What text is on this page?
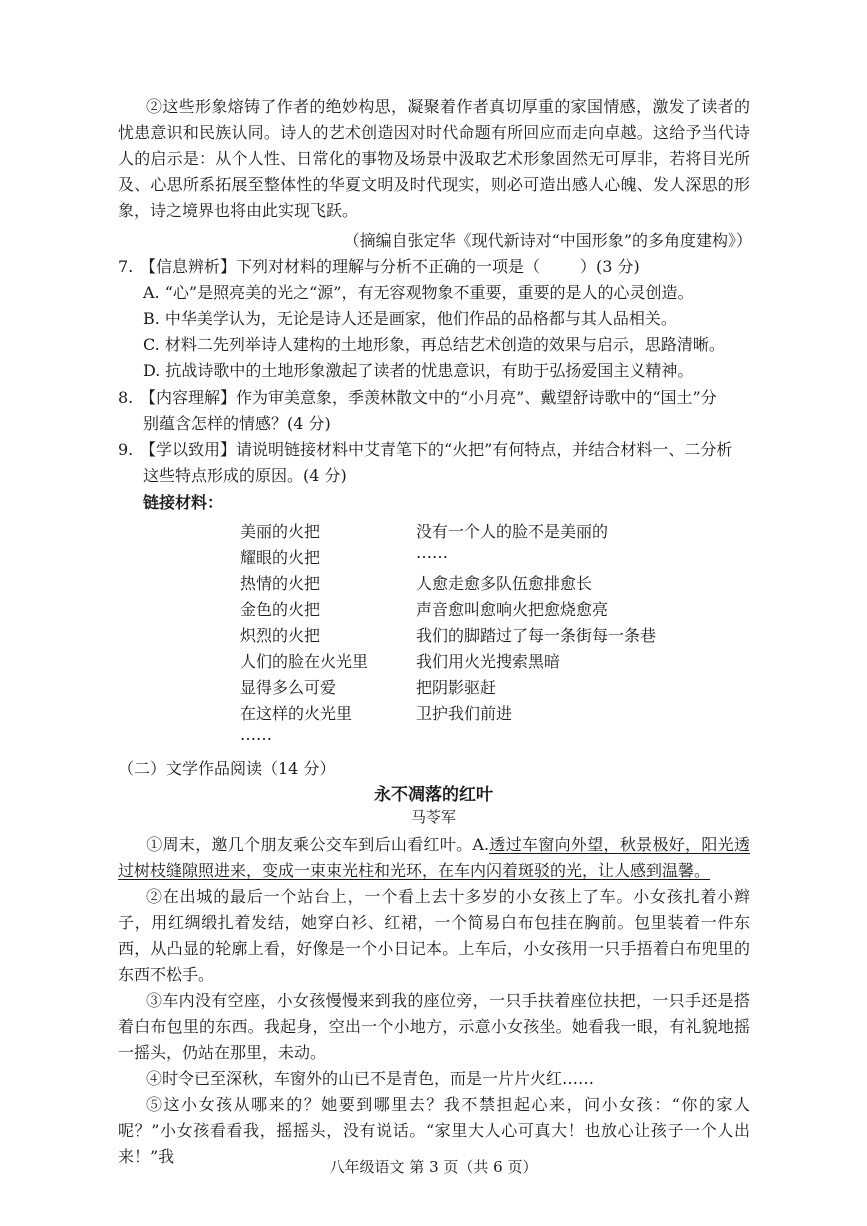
②这些形象熔铸了作者的绝妙构思，凝聚着作者真切厚重的家国情感，激发了读者的忧患意识和民族认同。诗人的艺术创造因对时代命题有所回应而走向卓越。这给予当代诗人的启示是：从个人性、日常化的事物及场景中汲取艺术形象固然无可厚非，若将目光所及、心思所系拓展至整体性的华夏文明及时代现实，则必可造出感人心魄、发人深思的形象，诗之境界也将由此实现飞跃。

（摘编自张定华《现代新诗对“中国形象”的多角度建构》）
7. 【信息辨析】下列对材料的理解与分析不正确的一项是（	）(3 分)
A. “心”是照亮美的光之“源”，有无容观物象不重要，重要的是人的心灵创造。
B. 中华美学认为，无论是诗人还是画家，他们作品的品格都与其人品相关。
C. 材料二先列举诗人建构的土地形象，再总结艺术创造的效果与启示，思路清晰。
D. 抗战诗歌中的土地形象激起了读者的忧患意识，有助于弘扬爱国主义精神。
8. 【内容理解】作为审美意象，季羡林散文中的“小月亮”、戴望舒诗歌中的“国土”分
别蕴含怎样的情感？(4 分)
9. 【学以致用】请说明链接材料中艾青笔下的“火把”有何特点，并结合材料一、二分析
这些特点形成的原因。(4 分)
链接材料：
美丽的火把
耀眼的火把
热情的火把
金色的火把
炽烈的火把
人们的脸在火光里
显得多么可爱
在这样的火光里
……
没有一个人的脸不是美丽的
……
人愈走愈多队伍愈排愈长
声音愈叫愈响火把愈烧愈亮
我们的脚踏过了每一条街每一条巷
我们用火光搜索黑暗
把阴影驱赶
卫护我们前进
（二）文学作品阅读（14 分）
永不凋落的红叶
马苓军
①周末，邀几个朋友乘公交车到后山看红叶。A.透过车窗向外望，秋景极好，阳光透过树枝缝隙照进来，变成一束束光柱和光环，在车内闪着斑驳的光，让人感到温馨。

②在出城的最后一个站台上，一个看上去十多岁的小女孩上了车。小女孩扎着小辫子，用红绸缎扎着发结，她穿白衫、红裙，一个简易白布包挂在胸前。包里装着一件东西，从凸显的轮廓上看，好像是一个小日记本。上车后，小女孩用一只手捂着白布兜里的东西不松手。

③车内没有空座，小女孩慢慢来到我的座位旁，一只手扶着座位扶把，一只手还是搭着白布包里的东西。我起身，空出一个小地方，示意小女孩坐。她看我一眼，有礼貌地摇一摇头，仍站在那里，未动。

④时令已至深秋，车窗外的山已不是青色，而是一片片火红……

⑤这小女孩从哪来的？她要到哪里去？我不禁担起心来，问小女孩：“你的家人呢？”小女孩看看我，摇摇头，没有说话。“家里大人心可真大！也放心让孩子一个人出来！”我

八年级语文 第 3 页（共 6 页）
